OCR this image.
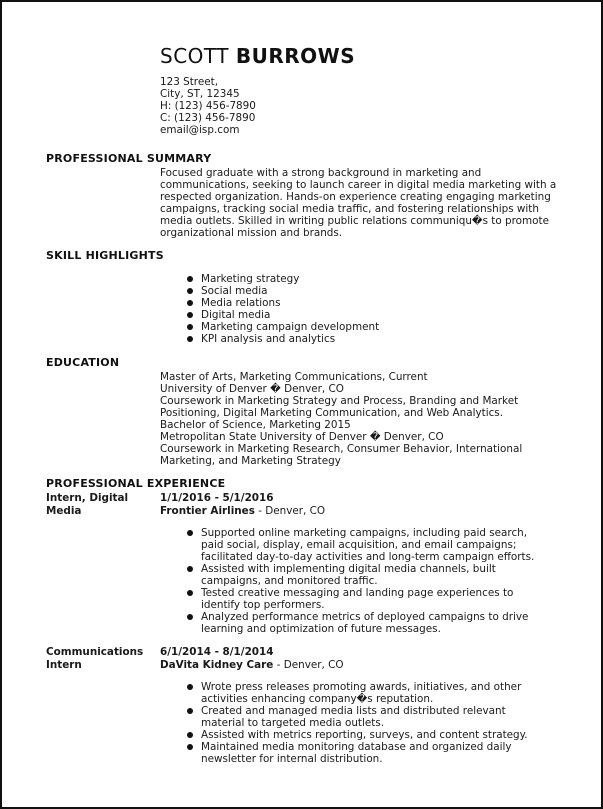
SCOTT BURROWS
123 Street,
City, ST, 12345
H: (123) 456-7890
C: (123) 456-7890
email@isp.com
PROFESSIONAL SUMMARY
Focused graduate with a strong background in marketing and communications, seeking to launch career in digital media marketing with a respected organization. Hands-on experience creating engaging marketing campaigns, tracking social media traffic, and fostering relationships with media outlets. Skilled in writing public relations communiqu�s to promote organizational mission and brands.
SKILL HIGHLIGHTS
Marketing strategy
Social media
Media relations
Digital media
Marketing campaign development
KPI analysis and analytics
EDUCATION
Master of Arts, Marketing Communications, Current
University of Denver � Denver, CO
Coursework in Marketing Strategy and Process, Branding and Market
Positioning, Digital Marketing Communication, and Web Analytics.
Bachelor of Science, Marketing 2015
Metropolitan State University of Denver � Denver, CO
Coursework in Marketing Research, Consumer Behavior, International
Marketing, and Marketing Strategy
PROFESSIONAL EXPERIENCE
Intern, Digital Media
1/1/2016 - 5/1/2016
Frontier Airlines - Denver, CO
Supported online marketing campaigns, including paid search, paid social, display, email acquisition, and email campaigns; facilitated day-to-day activities and long-term campaign efforts.
Assisted with implementing digital media channels, built campaigns, and monitored traffic.
Tested creative messaging and landing page experiences to identify top performers.
Analyzed performance metrics of deployed campaigns to drive learning and optimization of future messages.
Communications Intern
6/1/2014 - 8/1/2014
DaVita Kidney Care - Denver, CO
Wrote press releases promoting awards, initiatives, and other activities enhancing company�s reputation.
Created and managed media lists and distributed relevant material to targeted media outlets.
Assisted with metrics reporting, surveys, and content strategy.
Maintained media monitoring database and organized daily newsletter for internal distribution.
